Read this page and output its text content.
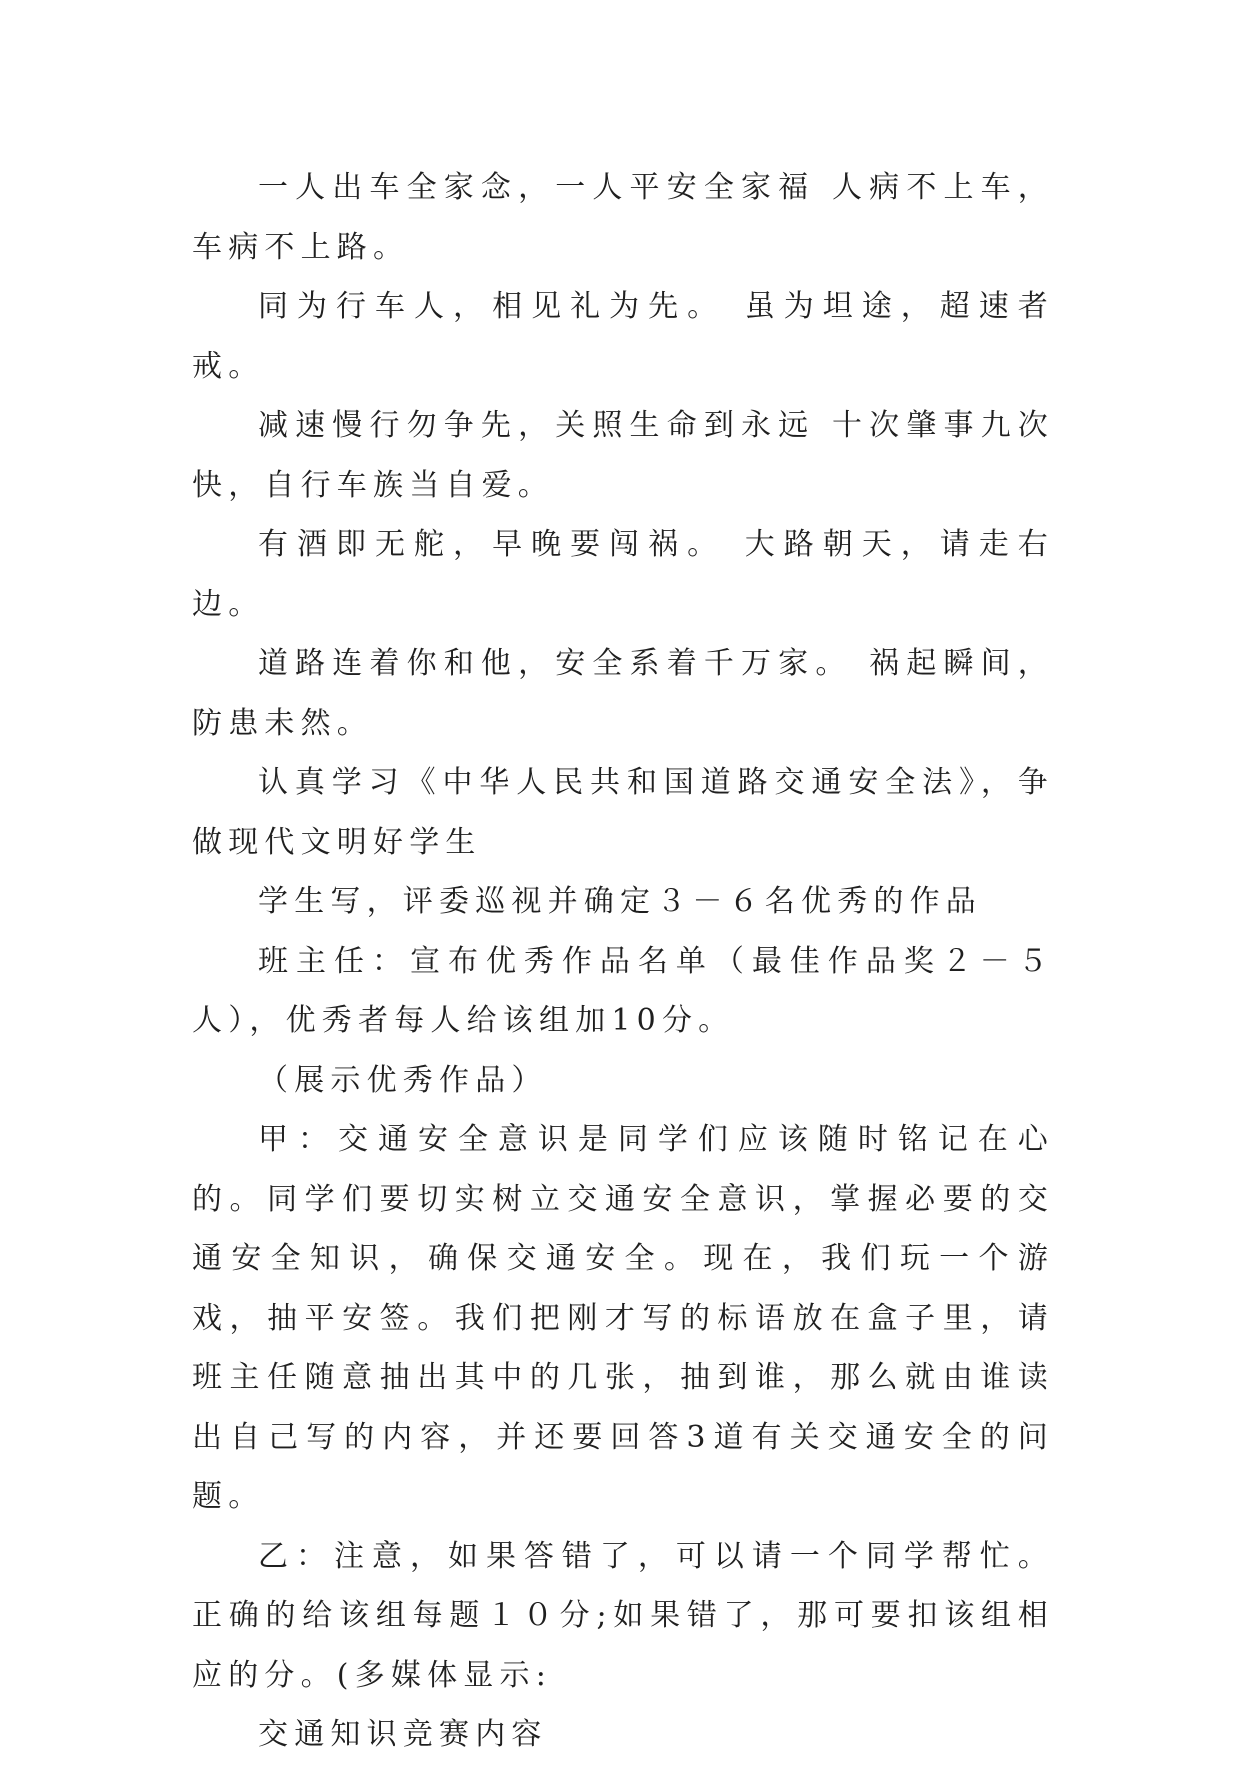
一人出车全家念，一人平安全家福 人病不上车，车病不上路。

同为行车人，相见礼为先。 虽为坦途，超速者戒。

减速慢行勿争先，关照生命到永远 十次肇事九次快，自行车族当自爱。

有酒即无舵，早晚要闯祸。 大路朝天，请走右边。

道路连着你和他，安全系着千万家。 祸起瞬间，防患未然。

认真学习《中华人民共和国道路交通安全法》，争做现代文明好学生

学生写，评委巡视并确定３－６名优秀的作品

班主任：宣布优秀作品名单（最佳作品奖２－５人），优秀者每人给该组加10分。

（展示优秀作品）

甲：交通安全意识是同学们应该随时铭记在心的。同学们要切实树立交通安全意识，掌握必要的交通安全知识，确保交通安全。现在，我们玩一个游戏，抽平安签。我们把刚才写的标语放在盒子里，请班主任随意抽出其中的几张，抽到谁，那么就由谁读出自己写的内容，并还要回答3道有关交通安全的问题。

乙：注意，如果答错了，可以请一个同学帮忙。正确的给该组每题１０分;如果错了，那可要扣该组相应的分。(多媒体显示:

交通知识竞赛内容
